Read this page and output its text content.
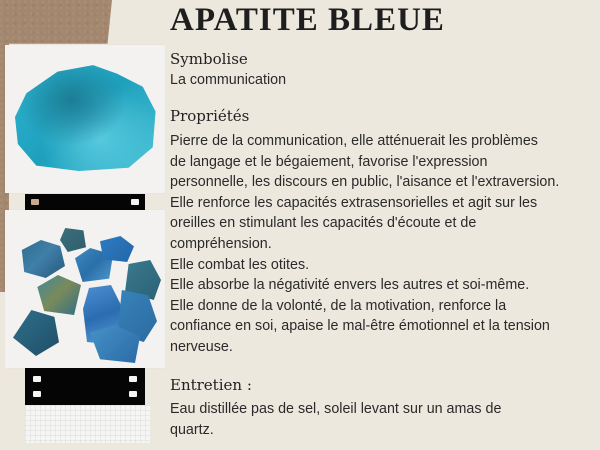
APATITE BLEUE
Symbolise
La communication
Propriétés
Pierre de la communication, elle atténuerait les problèmes
de langage et le bégaiement, favorise l'expression
personnelle, les discours en public, l'aisance et l'extraversion.
Elle renforce les capacités extrasensorielles et agit sur les
oreilles en stimulant les capacités d'écoute et de
compréhension.
Elle combat les otites.
Elle absorbe la négativité envers les autres et soi-même.
Elle donne de la volonté, de la motivation, renforce la
confiance en soi, apaise le mal-être émotionnel et la tension
nerveuse.
Entretien :
Eau distillée pas de sel, soleil levant sur un amas de
quartz.
